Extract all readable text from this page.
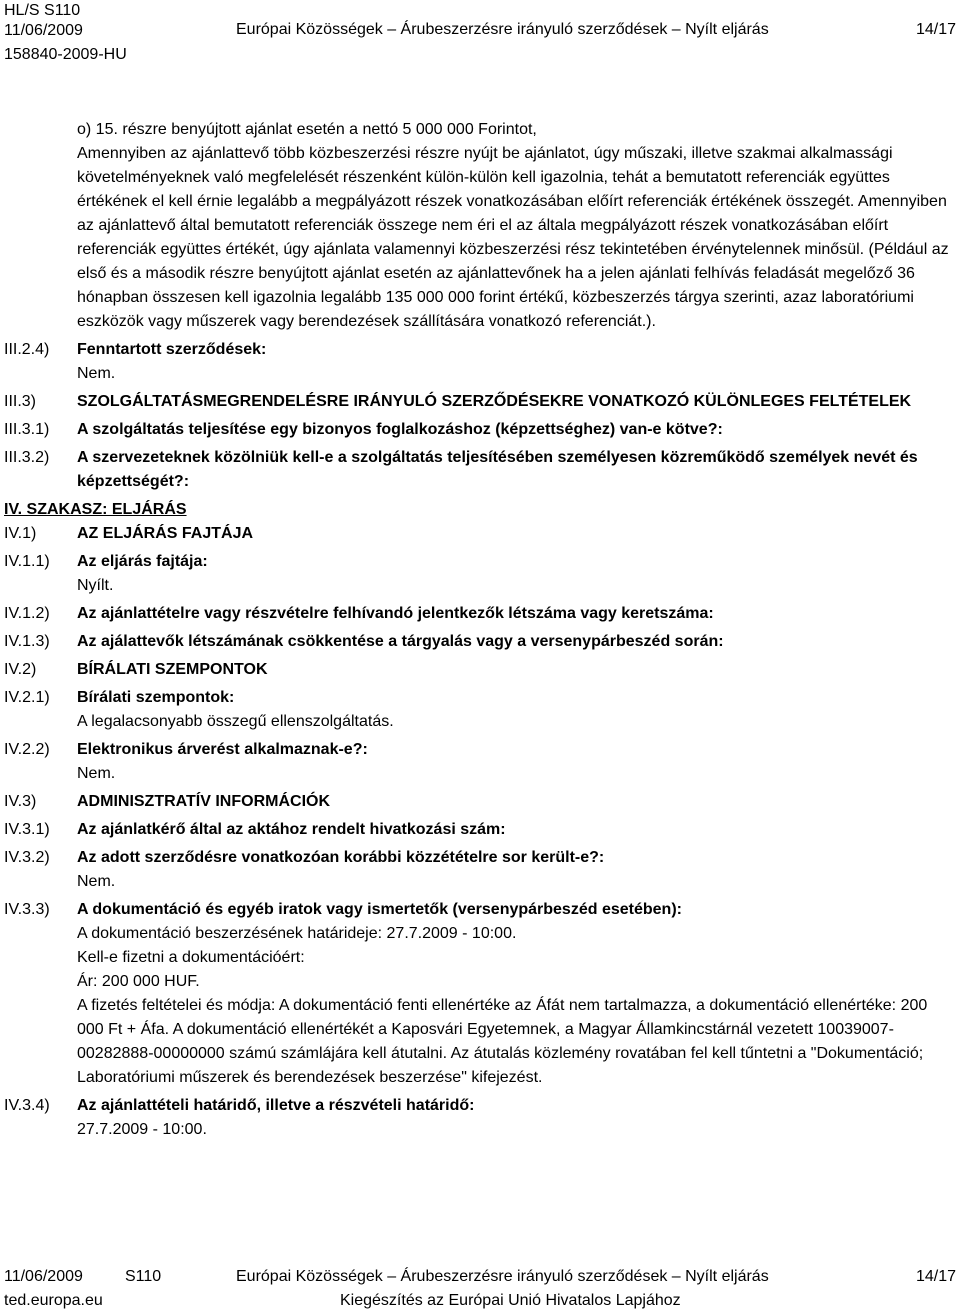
HL/S S110
11/06/2009
158840-2009-HU
Európai Közösségek – Árubeszerzésre irányuló szerződések – Nyílt eljárás	14/17

o) 15. részre benyújtott ajánlat esetén a nettó 5 000 000 Forintot,

Amennyiben az ajánlattevő több közbeszerzési részre nyújt be ajánlatot, úgy műszaki, illetve szakmai alkalmassági követelményeknek való megfelelését részenként külön-külön kell igazolnia, tehát a bemutatott referenciák együttes értékének el kell érnie legalább a megpályázott részek vonatkozásában előírt referenciák értékének összegét. Amennyiben az ajánlattevő által bemutatott referenciák összege nem éri el az általa megpályázott részek vonatkozásában előírt referenciák együttes értékét, úgy ajánlata valamennyi közbeszerzési rész tekintetében érvénytelennek minősül. (Például az első és a második részre benyújtott ajánlat esetén az ajánlattevőnek ha a jelen ajánlati felhívás feladását megelőző 36 hónapban összesen kell igazolnia legalább 135 000 000 forint értékű, közbeszerzés tárgya szerinti, azaz laboratóriumi eszközök vagy műszerek vagy berendezések szállítására vonatkozó referenciát.).

III.2.4)	Fenntartott szerződések:
Nem.
III.3)	SZOLGÁLTATÁSMEGRENDELÉSRE IRÁNYULÓ SZERZŐDÉSEKRE VONATKOZÓ KÜLÖNLEGES FELTÉTELEK
III.3.1)	A szolgáltatás teljesítése egy bizonyos foglalkozáshoz (képzettséghez) van-e kötve?:
III.3.2)	A szervezeteknek közölniük kell-e a szolgáltatás teljesítésében személyesen közreműködő személyek nevét és képzettségét?:
IV. SZAKASZ: ELJÁRÁS
IV.1)	AZ ELJÁRÁS FAJTÁJA
IV.1.1)	Az eljárás fajtája:
Nyílt.
IV.1.2)	Az ajánlattételre vagy részvételre felhívandó jelentkezők létszáma vagy keretszáma:
IV.1.3)	Az ajálattevők létszámának csökkentése a tárgyalás vagy a versenypárbeszéd során:
IV.2)	BÍRÁLATI SZEMPONTOK
IV.2.1)	Bírálati szempontok:
A legalacsonyabb összegű ellenszolgáltatás.
IV.2.2)	Elektronikus árverést alkalmaznak-e?:
Nem.
IV.3)	ADMINISZTRATÍV INFORMÁCIÓK
IV.3.1)	Az ajánlatkérő által az aktához rendelt hivatkozási szám:
IV.3.2)	Az adott szerződésre vonatkozóan korábbi közzétételre sor került-e?:
Nem.
IV.3.3)	A dokumentáció és egyéb iratok vagy ismertetők (versenypárbeszéd esetében):
A dokumentáció beszerzésének határideje: 27.7.2009 - 10:00.
Kell-e fizetni a dokumentációért:
Ár: 200 000 HUF.
A fizetés feltételei és módja: A dokumentáció fenti ellenértéke az Áfát nem tartalmazza, a dokumentáció ellenértéke: 200 000 Ft + Áfa. A dokumentáció ellenértékét a Kaposvári Egyetemnek, a Magyar Államkincstárnál vezetett 10039007-00282888-00000000 számú számlájára kell átutalni. Az átutalás közlemény rovatában fel kell tűntetni a "Dokumentáció; Laboratóriumi műszerek és berendezések beszerzése" kifejezést.
IV.3.4)	Az ajánlattételi határidő, illetve a részvételi határidő:
27.7.2009 - 10:00.
11/06/2009	S110	Európai Közösségek – Árubeszerzésre irányuló szerződések – Nyílt eljárás	14/17
ted.europa.eu	Kiegészítés az Európai Unió Hivatalos Lapjához
